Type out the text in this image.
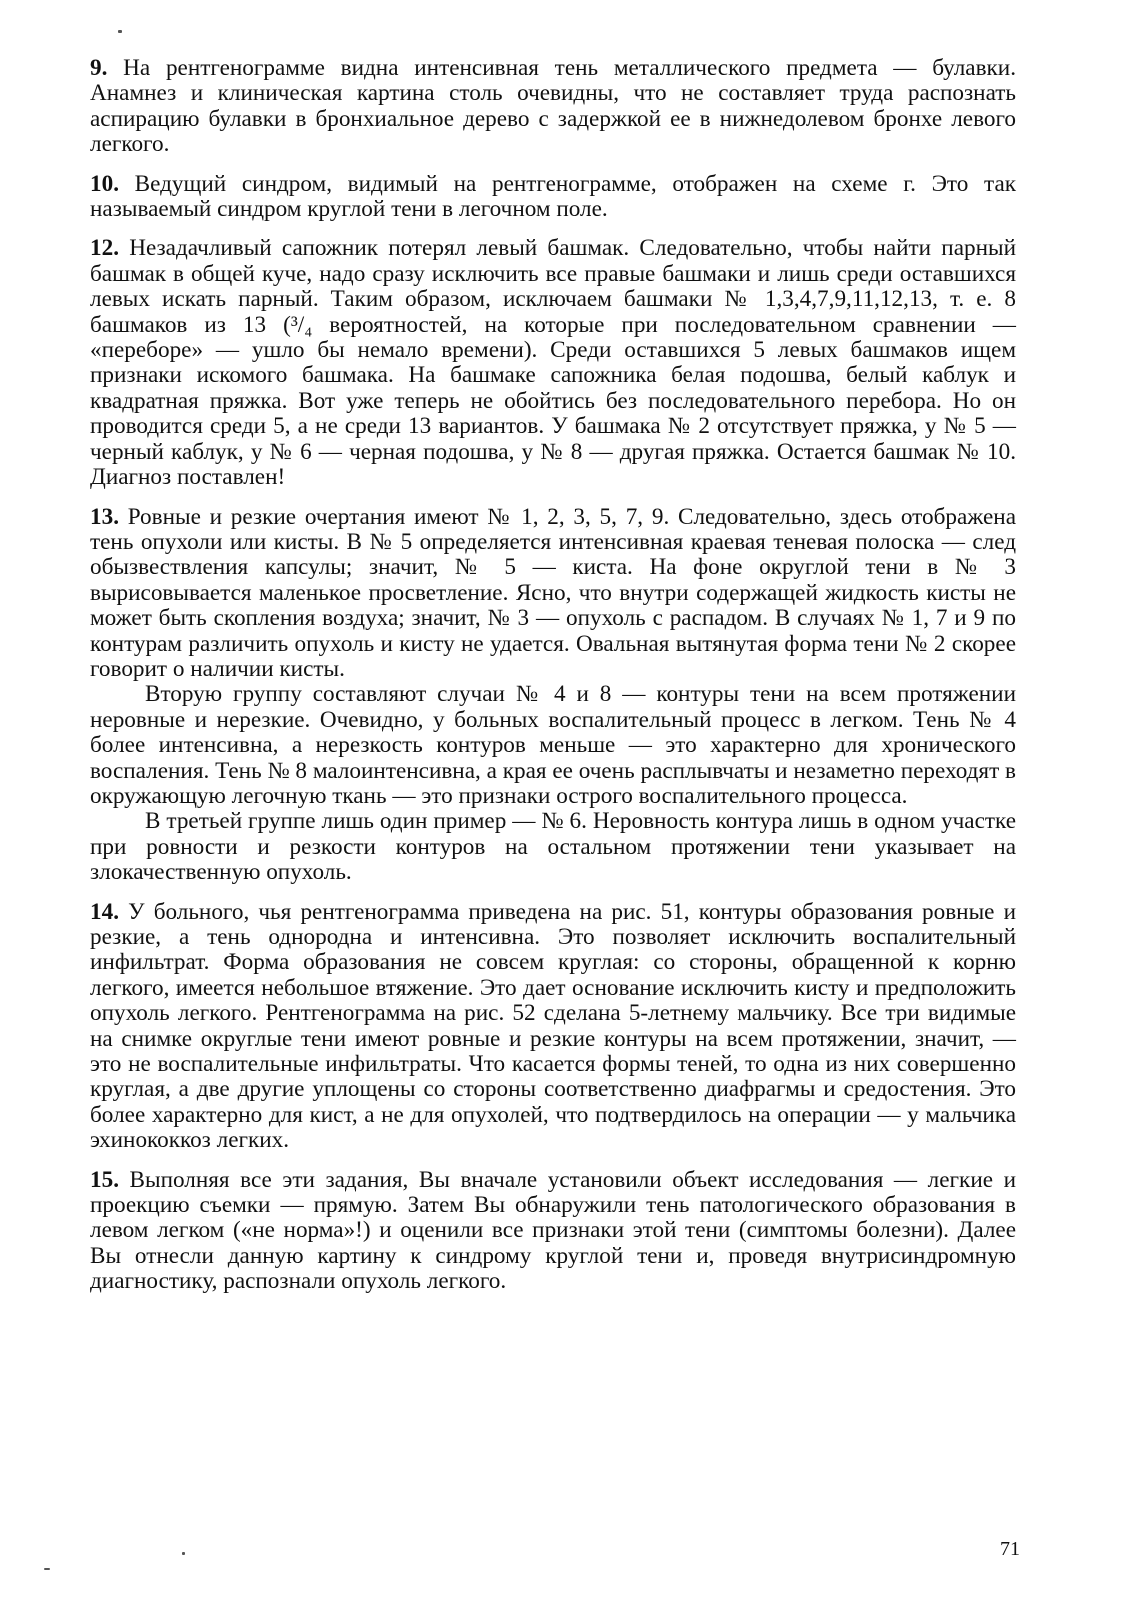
9. На рентгенограмме видна интенсивная тень металлического предмета — булавки. Анамнез и клиническая картина столь очевидны, что не составляет труда распознать аспирацию булавки в бронхиальное дерево с задержкой ее в нижнедолевом бронхе левого легкого.

10. Ведущий синдром, видимый на рентгенограмме, отображен на схеме г. Это так называемый синдром круглой тени в легочном поле.

12. Незадачливый сапожник потерял левый башмак. Следовательно, чтобы найти парный башмак в общей куче, надо сразу исключить все правые башмаки и лишь среди оставшихся левых искать парный. Таким образом, исключаем башмаки № 1,3,4,7,9,11,12,13, т. е. 8 башмаков из 13 (³/₄ вероятностей, на которые при последовательном сравнении — «переборе» — ушло бы немало времени). Среди оставшихся 5 левых башмаков ищем признаки искомого башмака. На башмаке сапожника белая подошва, белый каблук и квадратная пряжка. Вот уже теперь не обойтись без последовательного перебора. Но он проводится среди 5, а не среди 13 вариантов. У башмака № 2 отсутствует пряжка, у № 5 — черный каблук, у № 6 — черная подошва, у № 8 — другая пряжка. Остается башмак № 10. Диагноз поставлен!

13. Ровные и резкие очертания имеют № 1, 2, 3, 5, 7, 9. Следовательно, здесь отображена тень опухоли или кисты. В № 5 определяется интенсивная краевая теневая полоска — след обызвествления капсулы; значит, № 5 — киста. На фоне округлой тени в № 3 вырисовывается маленькое просветление. Ясно, что внутри содержащей жидкость кисты не может быть скопления воздуха; значит, № 3 — опухоль с распадом. В случаях № 1, 7 и 9 по контурам различить опухоль и кисту не удается. Овальная вытянутая форма тени № 2 скорее говорит о наличии кисты.

Вторую группу составляют случаи № 4 и 8 — контуры тени на всем протяжении неровные и нерезкие. Очевидно, у больных воспалительный процесс в легком. Тень № 4 более интенсивна, а нерезкость контуров меньше — это характерно для хронического воспаления. Тень № 8 малоинтенсивна, а края ее очень расплывчаты и незаметно переходят в окружающую легочную ткань — это признаки острого воспалительного процесса.

В третьей группе лишь один пример — № 6. Неровность контура лишь в одном участке при ровности и резкости контуров на остальном протяжении тени указывает на злокачественную опухоль.

14. У больного, чья рентгенограмма приведена на рис. 51, контуры образования ровные и резкие, а тень однородна и интенсивна. Это позволяет исключить воспалительный инфильтрат. Форма образования не совсем круглая: со стороны, обращенной к корню легкого, имеется небольшое втяжение. Это дает основание исключить кисту и предположить опухоль легкого. Рентгенограмма на рис. 52 сделана 5-летнему мальчику. Все три видимые на снимке округлые тени имеют ровные и резкие контуры на всем протяжении, значит, — это не воспалительные инфильтраты. Что касается формы теней, то одна из них совершенно круглая, а две другие уплощены со стороны соответственно диафрагмы и средостения. Это более характерно для кист, а не для опухолей, что подтвердилось на операции — у мальчика эхинококкоз легких.

15. Выполняя все эти задания, Вы вначале установили объект исследования — легкие и проекцию съемки — прямую. Затем Вы обнаружили тень патологического образования в левом легком («не норма»!) и оценили все признаки этой тени (симптомы болезни). Далее Вы отнесли данную картину к синдрому круглой тени и, проведя внутрисиндромную диагностику, распознали опухоль легкого.

71
